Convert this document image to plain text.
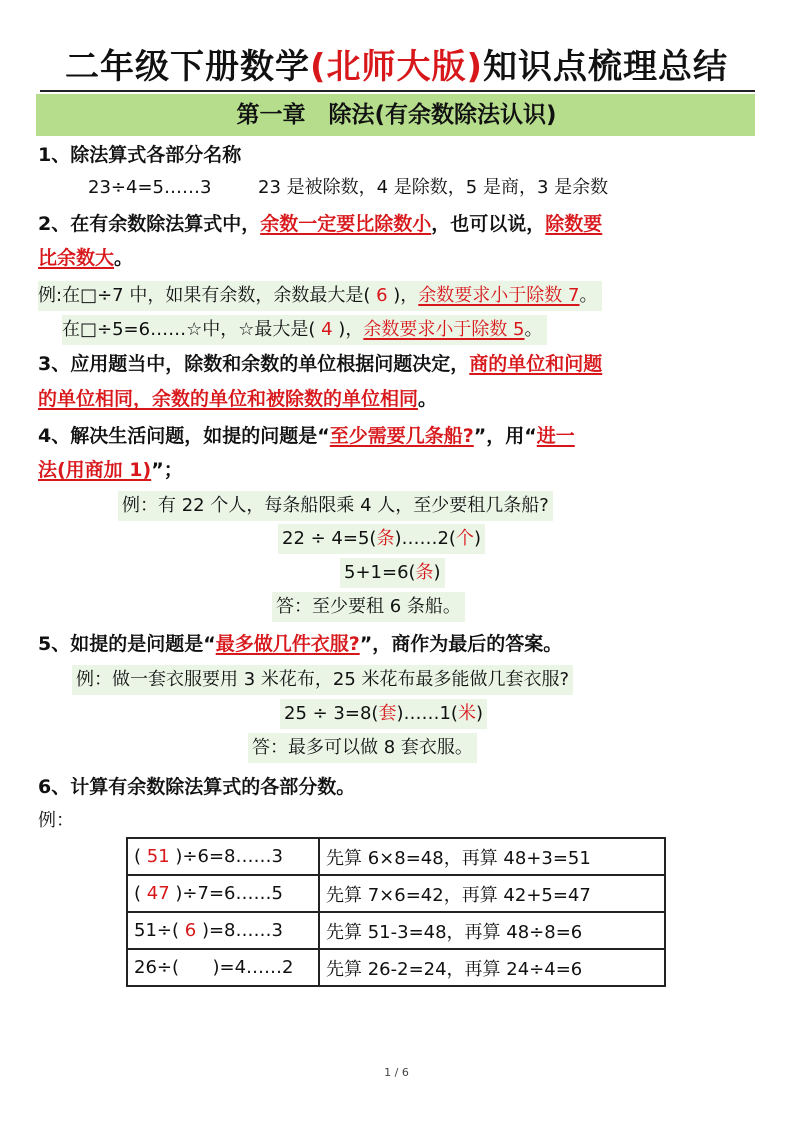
二年级下册数学(北师大版)知识点梳理总结
第一章　除法(有余数除法认识)
1、除法算式各部分名称
23÷4=5……3	23 是被除数，4 是除数，5 是商，3 是余数
2、在有余数除法算式中，余数一定要比除数小，也可以说，除数要
比余数大。
例:在□÷7 中，如果有余数，余数最大是( 6 )，余数要求小于除数 7。
在□÷5=6……☆中，☆最大是( 4 )，余数要求小于除数 5。
3、应用题当中，除数和余数的单位根据问题决定，商的单位和问题
的单位相同，余数的单位和被除数的单位相同。
4、解决生活问题，如提的问题是“至少需要几条船?”，用“进一
法(用商加 1)”；
例：有 22 个人，每条船限乘 4 人，至少要租几条船?
22 ÷ 4=5(条)……2(个)
5+1=6(条)
答：至少要租 6 条船。
5、如提的是问题是“最多做几件衣服?”，商作为最后的答案。
例：做一套衣服要用 3 米花布，25 米花布最多能做几套衣服?
25 ÷ 3=8(套)……1(米)
答：最多可以做 8 套衣服。
6、计算有余数除法算式的各部分数。
例：
( 51 )÷6=8……3	先算 6×8=48，再算 48+3=51
( 47 )÷7=6……5	先算 7×6=42，再算 42+5=47
51÷( 6 )=8……3	先算 51-3=48，再算 48÷8=6
26÷( )=4……2	先算 26-2=24，再算 24÷4=6
1 / 6
